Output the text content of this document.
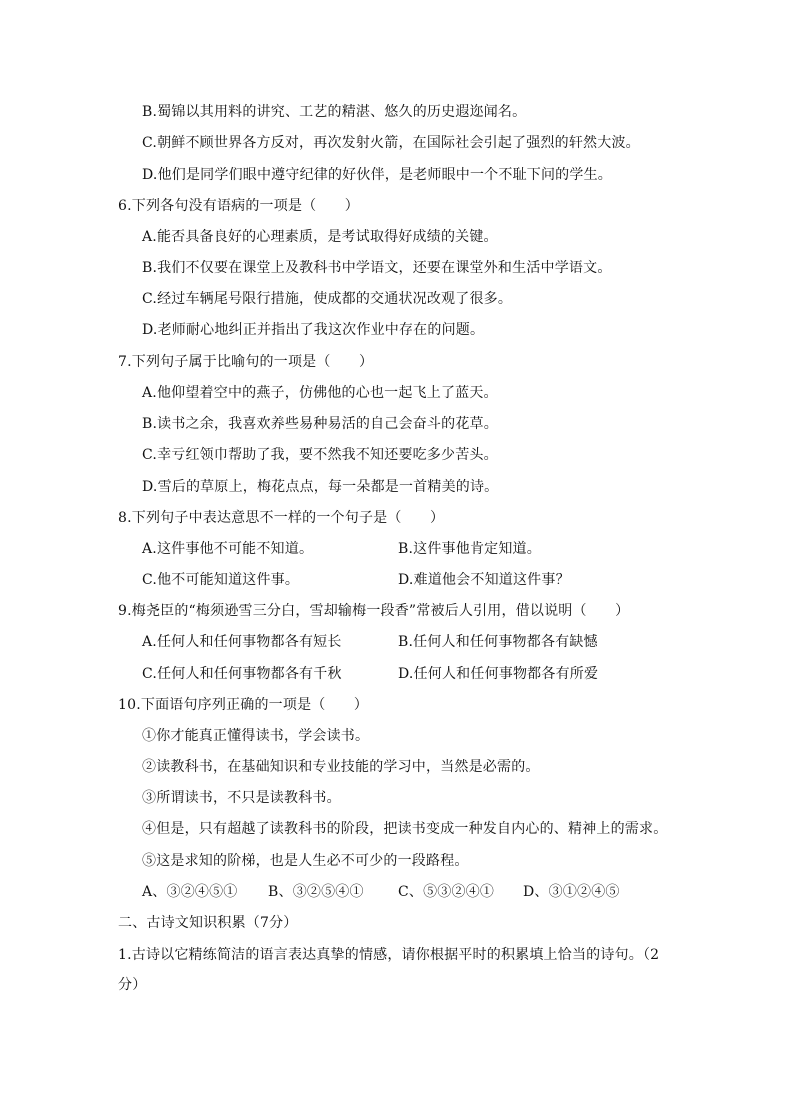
B.蜀锦以其用料的讲究、工艺的精湛、悠久的历史遐迩闻名。
C.朝鲜不顾世界各方反对，再次发射火箭，在国际社会引起了强烈的轩然大波。
D.他们是同学们眼中遵守纪律的好伙伴，是老师眼中一个不耻下问的学生。
6.下列各句没有语病的一项是（　　）
A.能否具备良好的心理素质，是考试取得好成绩的关键。
B.我们不仅要在课堂上及教科书中学语文，还要在课堂外和生活中学语文。
C.经过车辆尾号限行措施，使成都的交通状况改观了很多。
D.老师耐心地纠正并指出了我这次作业中存在的问题。
7.下列句子属于比喻句的一项是（　　）
A.他仰望着空中的燕子，仿佛他的心也一起飞上了蓝天。
B.读书之余，我喜欢养些易种易活的自己会奋斗的花草。
C.幸亏红领巾帮助了我，要不然我不知还要吃多少苦头。
D.雪后的草原上，梅花点点，每一朵都是一首精美的诗。
8.下列句子中表达意思不一样的一个句子是（　　）
A.这件事他不可能不知道。	B.这件事他肯定知道。
C.他不可能知道这件事。	D.难道他会不知道这件事？
9.梅尧臣的“梅须逊雪三分白，雪却输梅一段香”常被后人引用，借以说明（　　）
A.任何人和任何事物都各有短长	B.任何人和任何事物都各有缺憾
C.任何人和任何事物都各有千秋	D.任何人和任何事物都各有所爱
10.下面语句序列正确的一项是（　　）
①你才能真正懂得读书，学会读书。
②读教科书，在基础知识和专业技能的学习中，当然是必需的。
③所谓读书，不只是读教科书。
④但是，只有超越了读教科书的阶段，把读书变成一种发自内心的、精神上的需求。
⑤这是求知的阶梯，也是人生必不可少的一段路程。
A、③②④⑤① B、③②⑤④① C、⑤③②④① D、③①②④⑤
二、古诗文知识积累（7分）
1.古诗以它精练简洁的语言表达真挚的情感，请你根据平时的积累填上恰当的诗句。（2
分）
